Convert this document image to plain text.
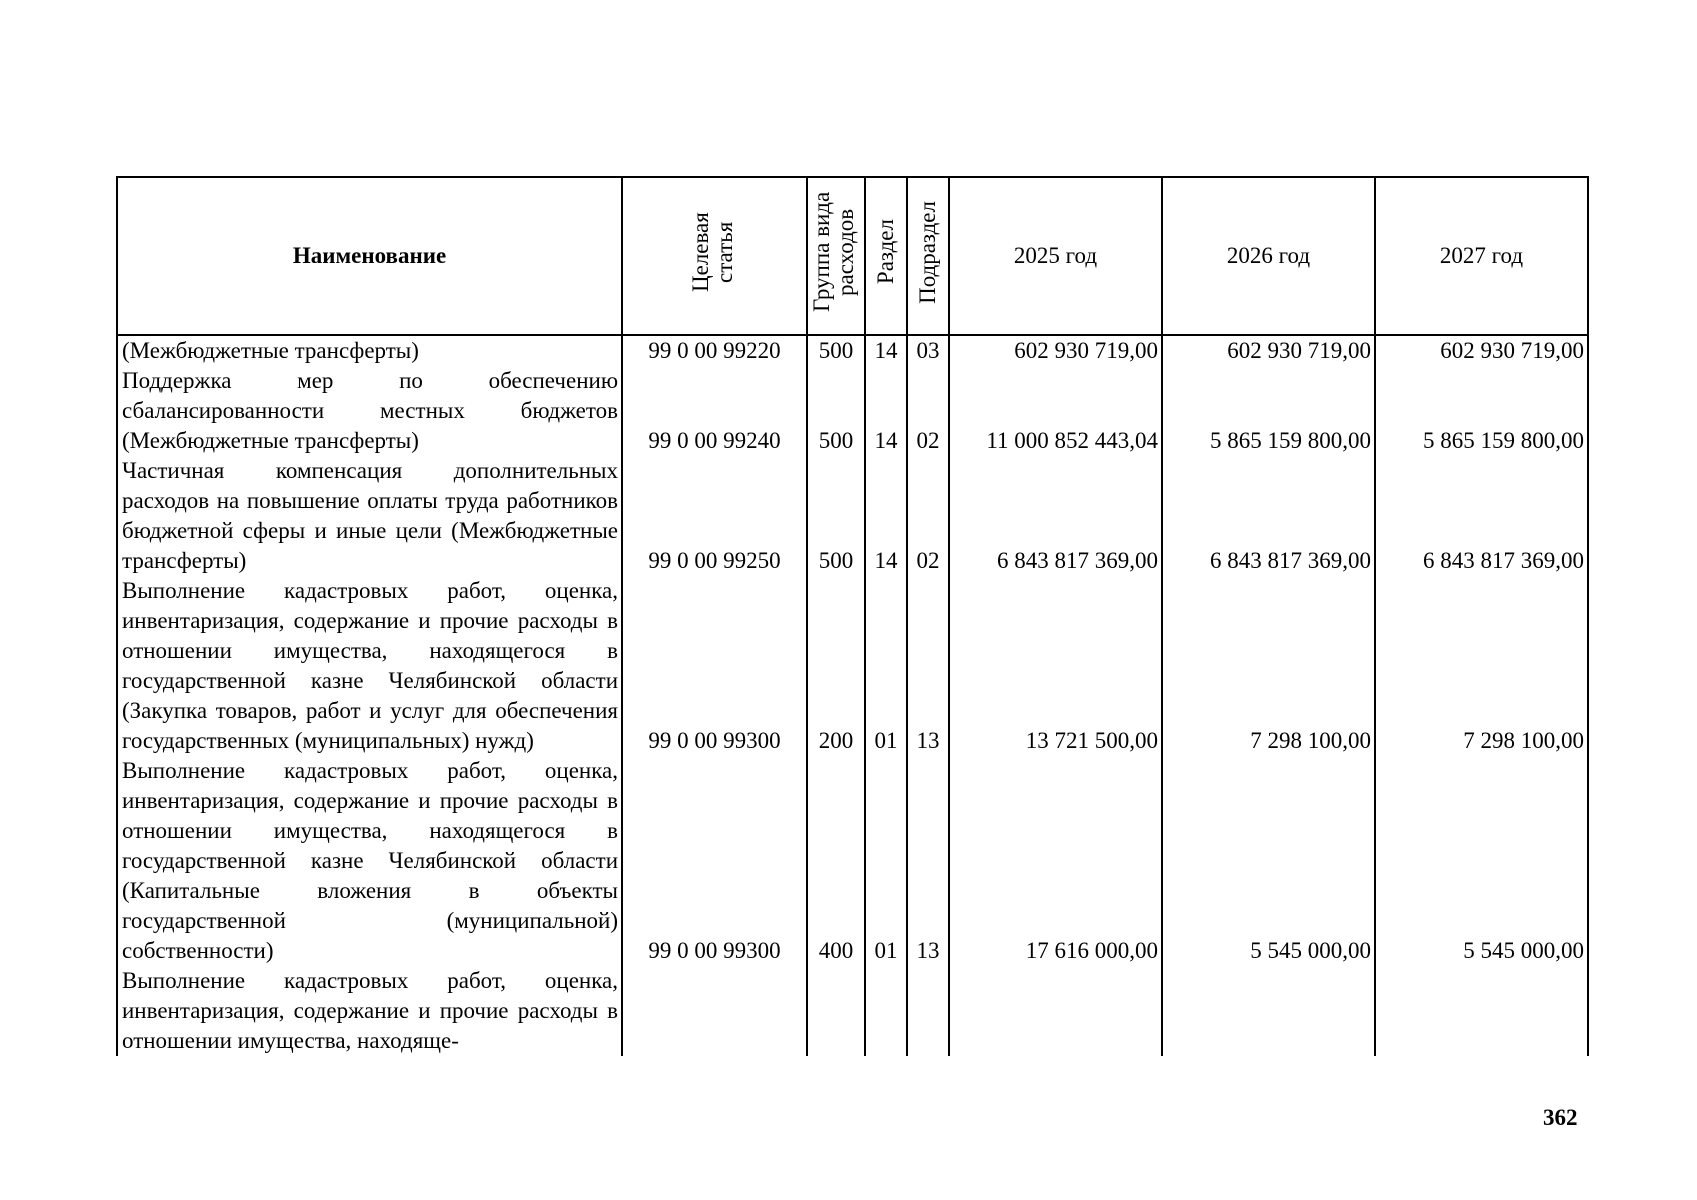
Наименование	Целевая статья	Группа вида расходов	Раздел	Подраздел	2025 год	2026 год	2027 год
(Межбюджетные трансферты)	99 0 00 99220	500	14	03	602 930 719,00	602 930 719,00	602 930 719,00
Поддержка мер по обеспечению сбалансированности местных бюджетов (Межбюджетные трансферты)	99 0 00 99240	500	14	02	11 000 852 443,04	5 865 159 800,00	5 865 159 800,00
Частичная компенсация дополнительных расходов на повышение оплаты труда работников бюджетной сферы и иные цели (Межбюджетные трансферты)	99 0 00 99250	500	14	02	6 843 817 369,00	6 843 817 369,00	6 843 817 369,00
Выполнение кадастровых работ, оценка, инвентаризация, содержание и прочие расходы в отношении имущества, находящегося в государственной казне Челябинской области (Закупка товаров, работ и услуг для обеспечения государственных (муниципальных) нужд)	99 0 00 99300	200	01	13	13 721 500,00	7 298 100,00	7 298 100,00
Выполнение кадастровых работ, оценка, инвентаризация, содержание и прочие расходы в отношении имущества, находящегося в государственной казне Челябинской области (Капитальные вложения в объекты государственной (муниципальной) собственности)	99 0 00 99300	400	01	13	17 616 000,00	5 545 000,00	5 545 000,00
Выполнение кадастровых работ, оценка, инвентаризация, содержание и прочие расходы в отношении имущества, находяще-							
362
